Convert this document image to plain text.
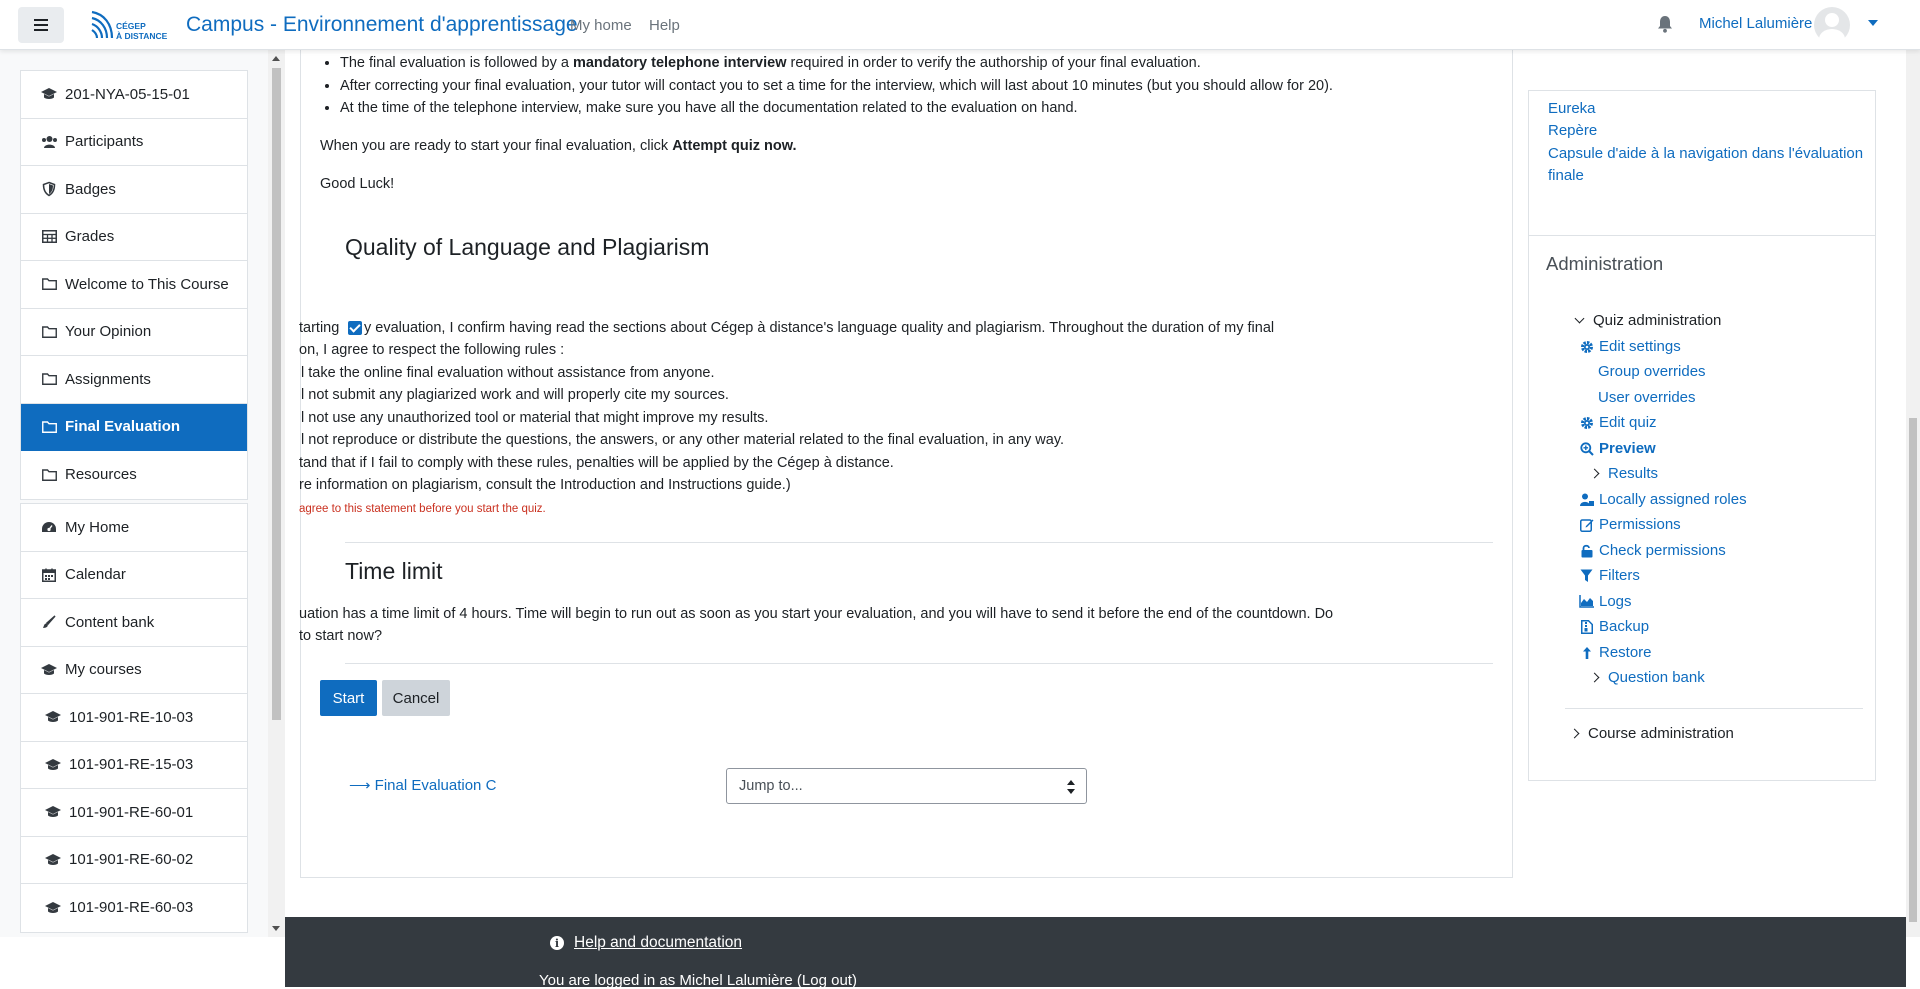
CÉGEP
À DISTANCE Campus - Environnement d'apprentissage
My home Help	Michel Lalumière
201-NYA-05-15-01
Participants
Badges
Grades
Welcome to This Course
Your Opinion
Assignments
Final Evaluation
Resources
My Home
Calendar
Content bank
My courses
101-901-RE-10-03
101-901-RE-15-03
101-901-RE-60-01
101-901-RE-60-02
101-901-RE-60-03
• The final evaluation is followed by a mandatory telephone interview required in order to verify the authorship of your final evaluation.
• After correcting your final evaluation, your tutor will contact you to set a time for the interview, which will last about 10 minutes (but you should allow for 20).
• At the time of the telephone interview, make sure you have all the documentation related to the evaluation on hand.
When you are ready to start your final evaluation, click Attempt quiz now.
Good Luck!
Quality of Language and Plagiarism
tarting y evaluation, I confirm having read the sections about Cégep à distance's language quality and plagiarism. Throughout the duration of my final
on, I agree to respect the following rules :
l take the online final evaluation without assistance from anyone.
l not submit any plagiarized work and will properly cite my sources.
l not use any unauthorized tool or material that might improve my results.
l not reproduce or distribute the questions, the answers, or any other material related to the final evaluation, in any way.
tand that if I fail to comply with these rules, penalties will be applied by the Cégep à distance.
re information on plagiarism, consult the Introduction and Instructions guide.)
agree to this statement before you start the quiz.
Time limit
uation has a time limit of 4 hours. Time will begin to run out as soon as you start your evaluation, and you will have to send it before the end of the countdown. Do
to start now?
Start	Cancel
⟶ Final Evaluation C	Jump to...
i Help and documentation
You are logged in as Michel Lalumière (Log out)
Eureka
Repère
Capsule d'aide à la navigation dans l'évaluation
finale
Administration
Quiz administration
Edit settings
Group overrides
User overrides
Edit quiz
Preview
Results
Locally assigned roles
Permissions
Check permissions
Filters
Logs
Backup
Restore
Question bank
Course administration
